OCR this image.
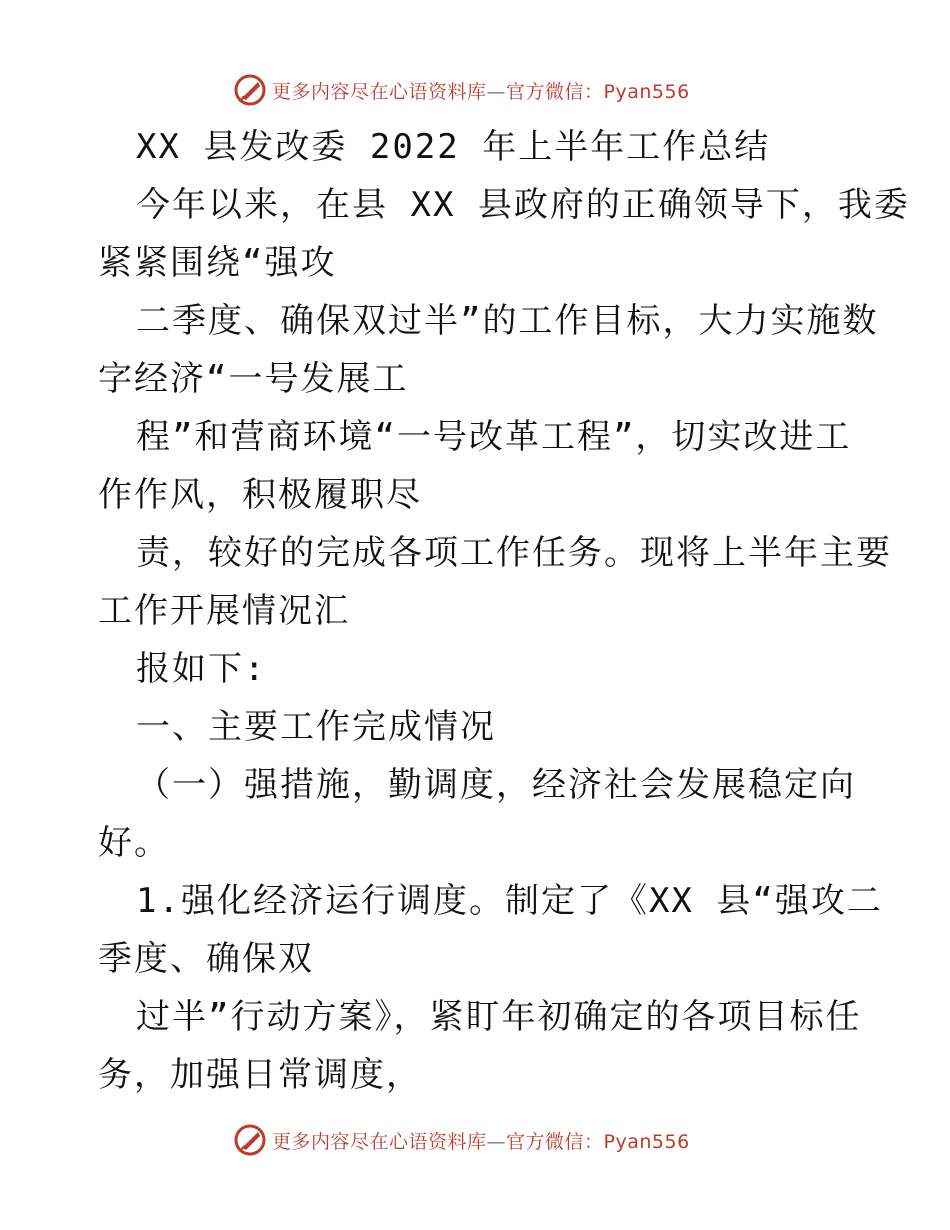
更多内容尽在心语资料库—官方微信：Pyan556
XX 县发改委 2022 年上半年工作总结
今年以来，在县 XX 县政府的正确领导下，我委
紧紧围绕“强攻
二季度、确保双过半”的工作目标，大力实施数
字经济“一号发展工
程”和营商环境“一号改革工程”，切实改进工
作作风，积极履职尽
责，较好的完成各项工作任务。现将上半年主要
工作开展情况汇
报如下:
一、主要工作完成情况
（一）强措施，勤调度，经济社会发展稳定向
好。
1.强化经济运行调度。制定了《XX 县“强攻二
季度、确保双
过半”行动方案》，紧盯年初确定的各项目标任
务，加强日常调度，
更多内容尽在心语资料库—官方微信：Pyan556
